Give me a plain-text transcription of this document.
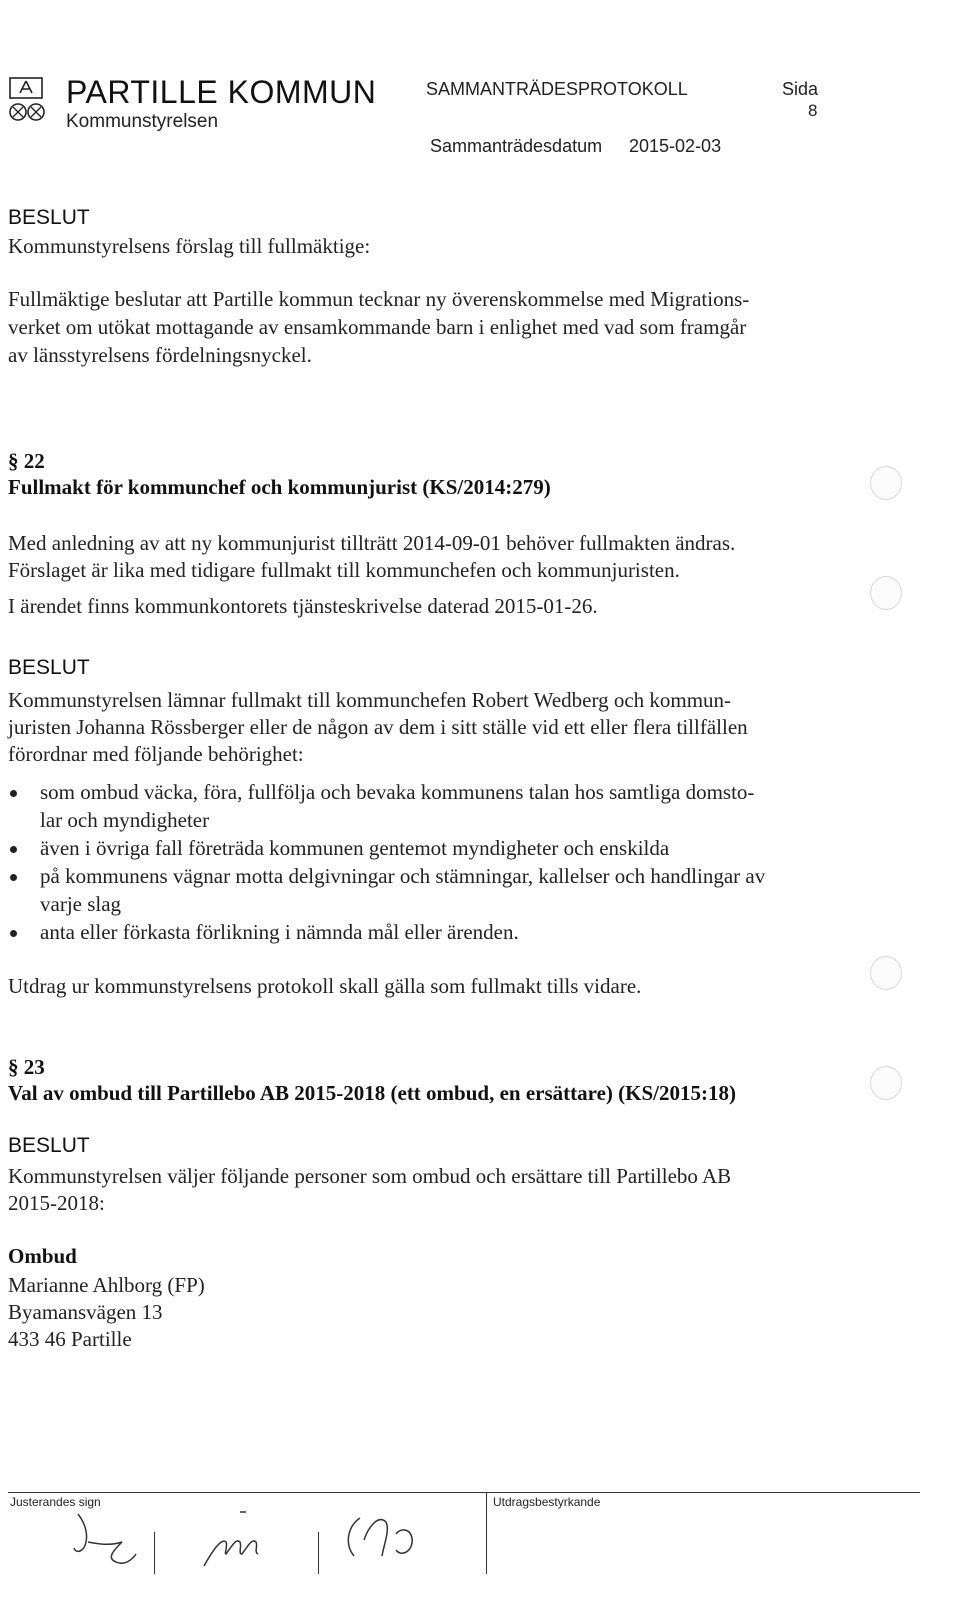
PARTILLE KOMMUN
Kommunstyrelsen
SAMMANTRÄDESPROTOKOLL	Sida
8
Sammanträdesdatum 2015-02-03
BESLUT
Kommunstyrelsens förslag till fullmäktige:
Fullmäktige beslutar att Partille kommun tecknar ny överenskommelse med Migrations-
verket om utökat mottagande av ensamkommande barn i enlighet med vad som framgår
av länsstyrelsens fördelningsnyckel.
§ 22
Fullmakt för kommunchef och kommunjurist (KS/2014:279)
Med anledning av att ny kommunjurist tillträtt 2014-09-01 behöver fullmakten ändras.
Förslaget är lika med tidigare fullmakt till kommunchefen och kommunjuristen.
I ärendet finns kommunkontorets tjänsteskrivelse daterad 2015-01-26.
BESLUT
Kommunstyrelsen lämnar fullmakt till kommunchefen Robert Wedberg och kommun-
juristen Johanna Rössberger eller de någon av dem i sitt ställe vid ett eller flera tillfällen
förordnar med följande behörighet:
som ombud väcka, föra, fullfölja och bevaka kommunens talan hos samtliga domsto-
lar och myndigheter
även i övriga fall företräda kommunen gentemot myndigheter och enskilda
på kommunens vägnar motta delgivningar och stämningar, kallelser och handlingar av
varje slag
anta eller förkasta förlikning i nämnda mål eller ärenden.
Utdrag ur kommunstyrelsens protokoll skall gälla som fullmakt tills vidare.
§ 23
Val av ombud till Partillebo AB 2015-2018 (ett ombud, en ersättare) (KS/2015:18)
BESLUT
Kommunstyrelsen väljer följande personer som ombud och ersättare till Partillebo AB
2015-2018:
Ombud
Marianne Ahlborg (FP)
Byamansvägen 13
433 46 Partille
Justerandes sign	Utdragsbestyrkande
